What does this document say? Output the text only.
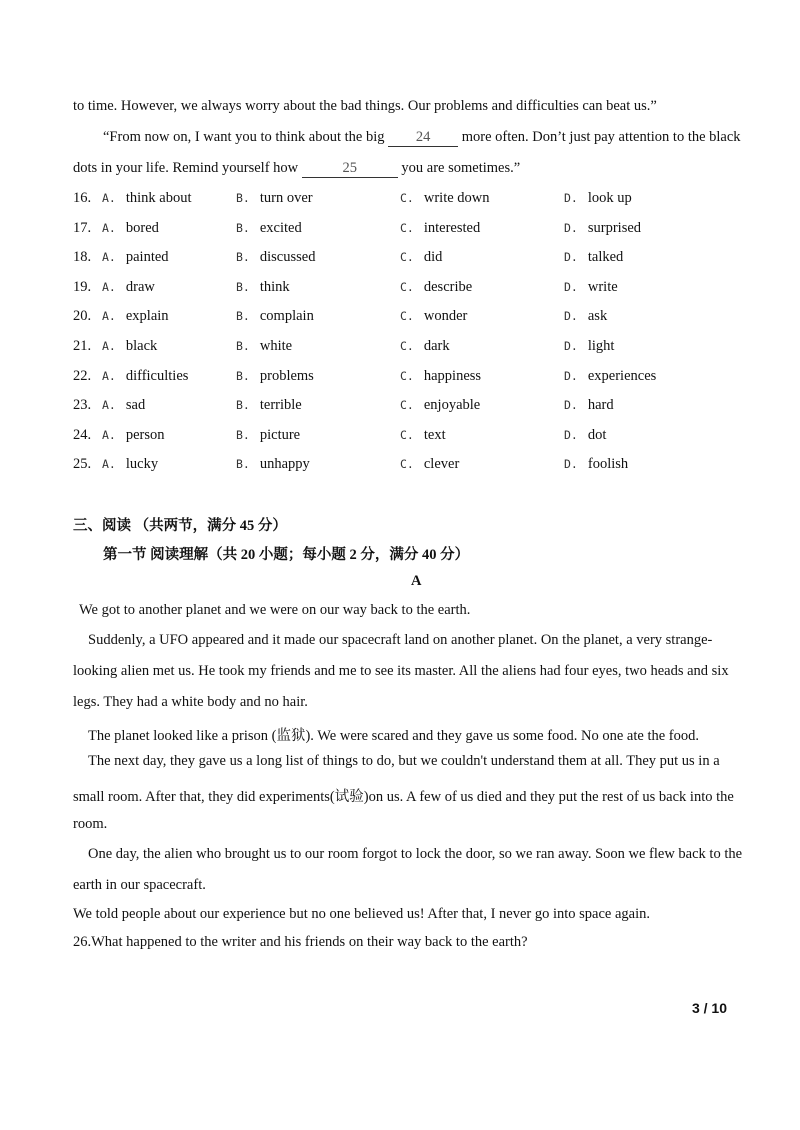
to time. However, we always worry about the bad things. Our problems and difficulties can beat us.”
“From now on, I want you to think about the big 24 more often. Don’t just pay attention to the black
dots in your life. Remind yourself how	25	you are sometimes.”
16. A. think about	B. turn over	C. write down	D. look up
17. A. bored	B. excited	C. interested	D. surprised
18. A. painted	B. discussed	C. did	D. talked
19. A. draw	B. think	C. describe	D. write
20. A. explain	B. complain	C. wonder	D. ask
21. A. black	B. white	C. dark	D. light
22. A. difficulties	B. problems	C. happiness	D. experiences
23. A. sad	B. terrible	C. enjoyable	D. hard
24. A. person	B. picture	C. text	D. dot
25. A. lucky	B. unhappy	C. clever	D. foolish
三、阅读 （共两节，满分 45 分）
第一节 阅读理解（共 20 小题；每小题 2 分，满分 40 分）
A
We got to another planet and we were on our way back to the earth.
Suddenly, a UFO appeared and it made our spacecraft land on another planet. On the planet, a very strange-
looking alien met us. He took my friends and me to see its master. All the aliens had four eyes, two heads and six
legs. They had a white body and no hair.
The planet looked like a prison (监狱). We were scared and they gave us some food. No one ate the food.
The next day, they gave us a long list of things to do, but we couldn't understand them at all. They put us in a
small room. After that, they did experiments(试验)on us. A few of us died and they put the rest of us back into the
room.
One day, the alien who brought us to our room forgot to lock the door, so we ran away. Soon we flew back to the
earth in our spacecraft.
We told people about our experience but no one believed us! After that, I never go into space again.
26.What happened to the writer and his friends on their way back to the earth?
3 / 10
